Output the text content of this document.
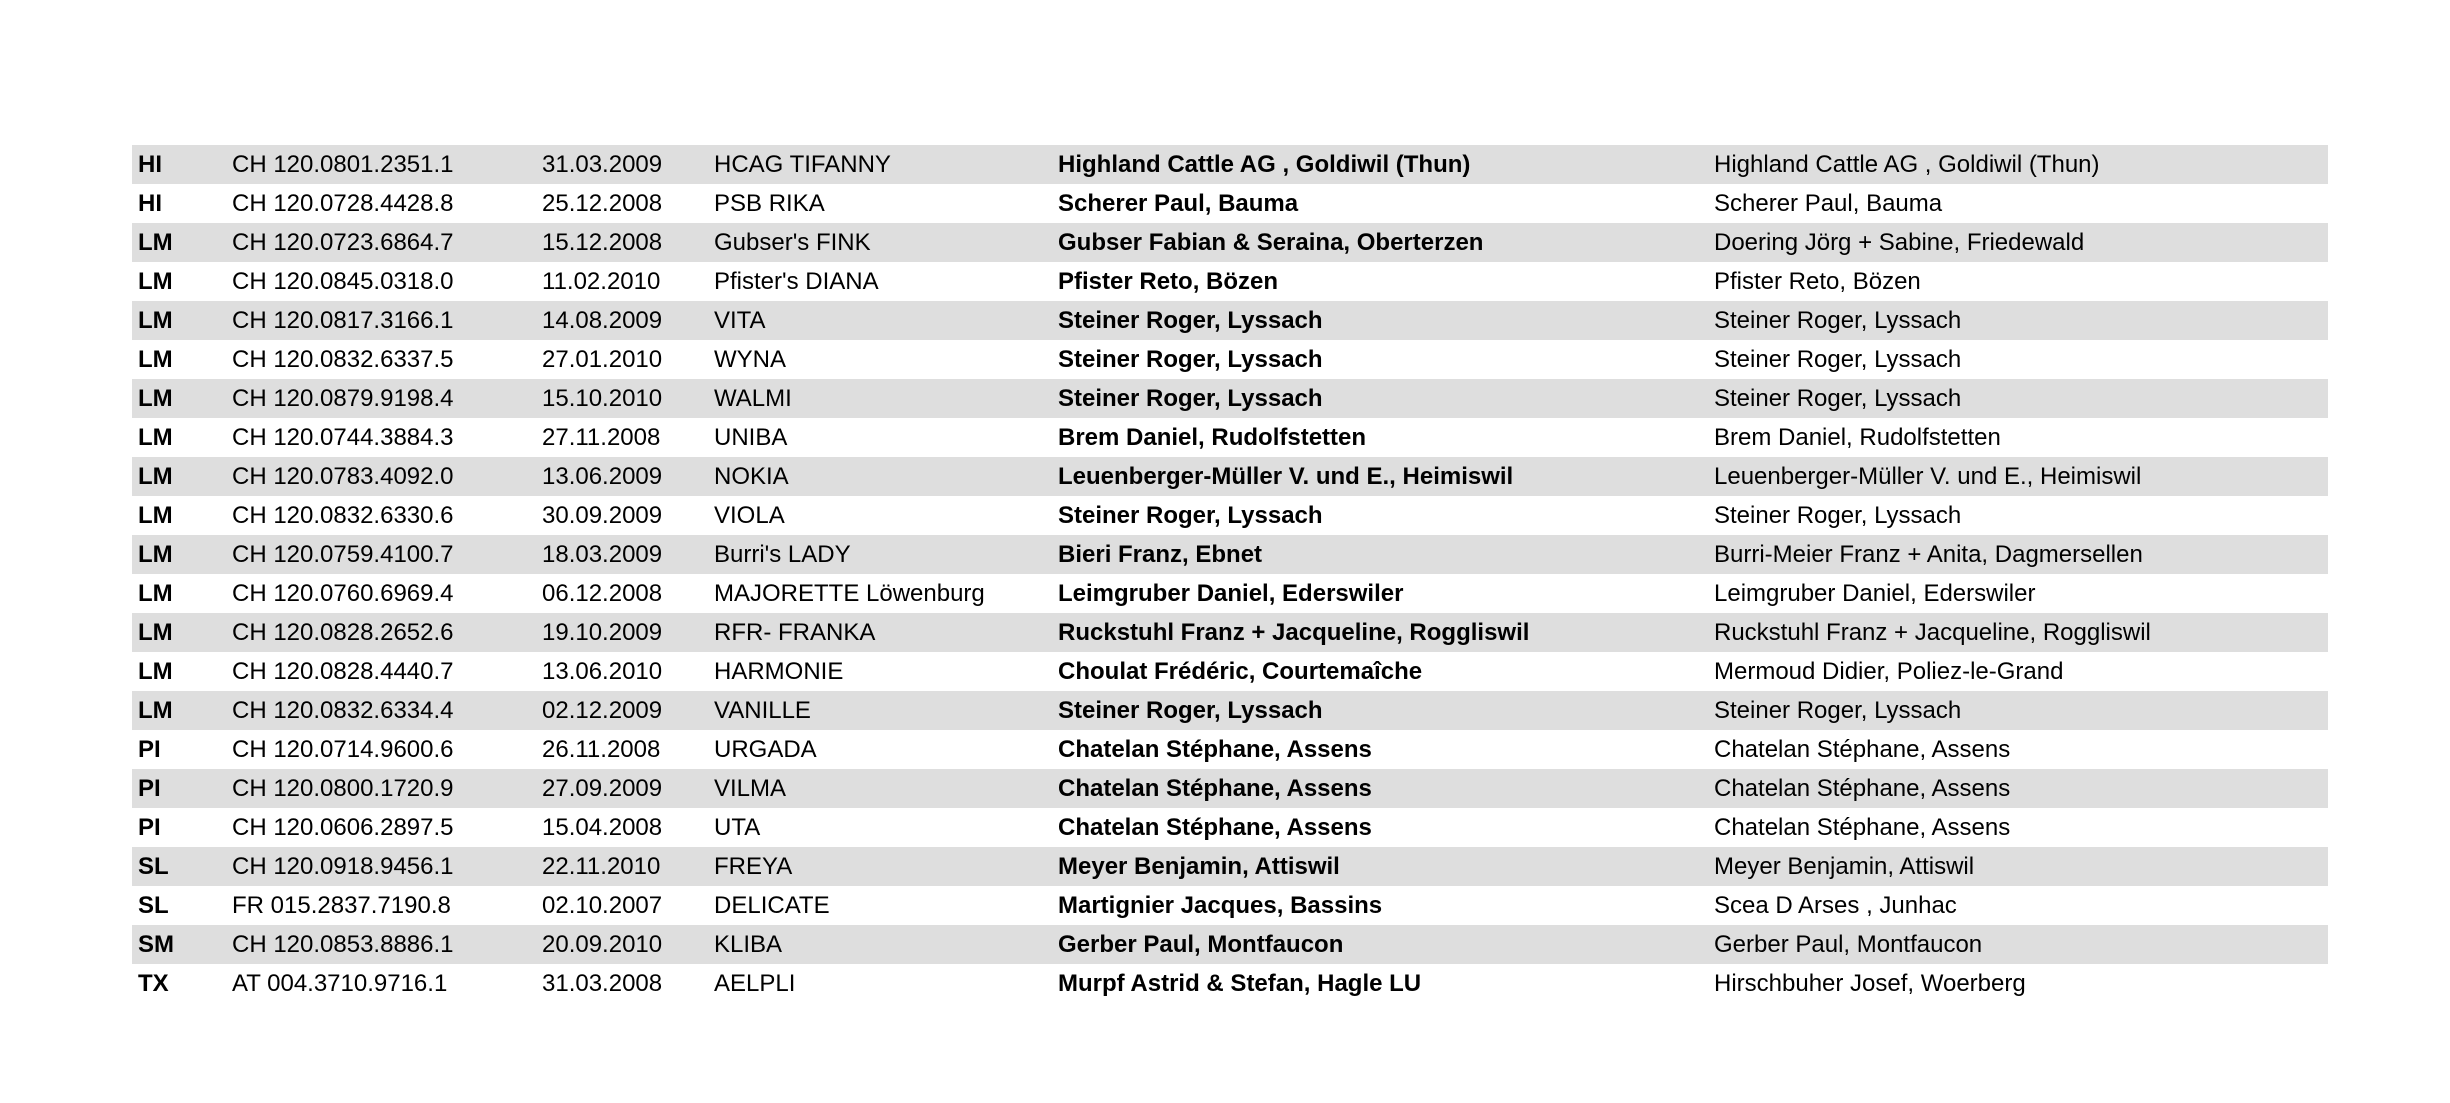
HI	CH 120.0801.2351.1	31.03.2009	HCAG TIFANNY	Highland Cattle AG , Goldiwil (Thun)	Highland Cattle AG , Goldiwil (Thun)
HI	CH 120.0728.4428.8	25.12.2008	PSB RIKA	Scherer Paul, Bauma	Scherer Paul, Bauma
LM	CH 120.0723.6864.7	15.12.2008	Gubser's FINK	Gubser Fabian & Seraina, Oberterzen	Doering Jörg + Sabine, Friedewald
LM	CH 120.0845.0318.0	11.02.2010	Pfister's DIANA	Pfister Reto, Bözen	Pfister Reto, Bözen
LM	CH 120.0817.3166.1	14.08.2009	VITA	Steiner Roger, Lyssach	Steiner Roger, Lyssach
LM	CH 120.0832.6337.5	27.01.2010	WYNA	Steiner Roger, Lyssach	Steiner Roger, Lyssach
LM	CH 120.0879.9198.4	15.10.2010	WALMI	Steiner Roger, Lyssach	Steiner Roger, Lyssach
LM	CH 120.0744.3884.3	27.11.2008	UNIBA	Brem Daniel, Rudolfstetten	Brem Daniel, Rudolfstetten
LM	CH 120.0783.4092.0	13.06.2009	NOKIA	Leuenberger-Müller V. und E., Heimiswil	Leuenberger-Müller V. und E., Heimiswil
LM	CH 120.0832.6330.6	30.09.2009	VIOLA	Steiner Roger, Lyssach	Steiner Roger, Lyssach
LM	CH 120.0759.4100.7	18.03.2009	Burri's LADY	Bieri Franz, Ebnet	Burri-Meier Franz + Anita, Dagmersellen
LM	CH 120.0760.6969.4	06.12.2008	MAJORETTE Löwenburg	Leimgruber Daniel, Ederswiler	Leimgruber Daniel, Ederswiler
LM	CH 120.0828.2652.6	19.10.2009	RFR- FRANKA	Ruckstuhl Franz + Jacqueline, Roggliswil	Ruckstuhl Franz + Jacqueline, Roggliswil
LM	CH 120.0828.4440.7	13.06.2010	HARMONIE	Choulat Frédéric, Courtemaîche	Mermoud Didier, Poliez-le-Grand
LM	CH 120.0832.6334.4	02.12.2009	VANILLE	Steiner Roger, Lyssach	Steiner Roger, Lyssach
PI	CH 120.0714.9600.6	26.11.2008	URGADA	Chatelan Stéphane, Assens	Chatelan Stéphane, Assens
PI	CH 120.0800.1720.9	27.09.2009	VILMA	Chatelan Stéphane, Assens	Chatelan Stéphane, Assens
PI	CH 120.0606.2897.5	15.04.2008	UTA	Chatelan Stéphane, Assens	Chatelan Stéphane, Assens
SL	CH 120.0918.9456.1	22.11.2010	FREYA	Meyer Benjamin, Attiswil	Meyer Benjamin, Attiswil
SL	FR 015.2837.7190.8	02.10.2007	DELICATE	Martignier Jacques, Bassins	Scea D Arses , Junhac
SM	CH 120.0853.8886.1	20.09.2010	KLIBA	Gerber Paul, Montfaucon	Gerber Paul, Montfaucon
TX	AT 004.3710.9716.1	31.03.2008	AELPLI	Murpf Astrid & Stefan, Hagle LU	Hirschbuher Josef, Woerberg
